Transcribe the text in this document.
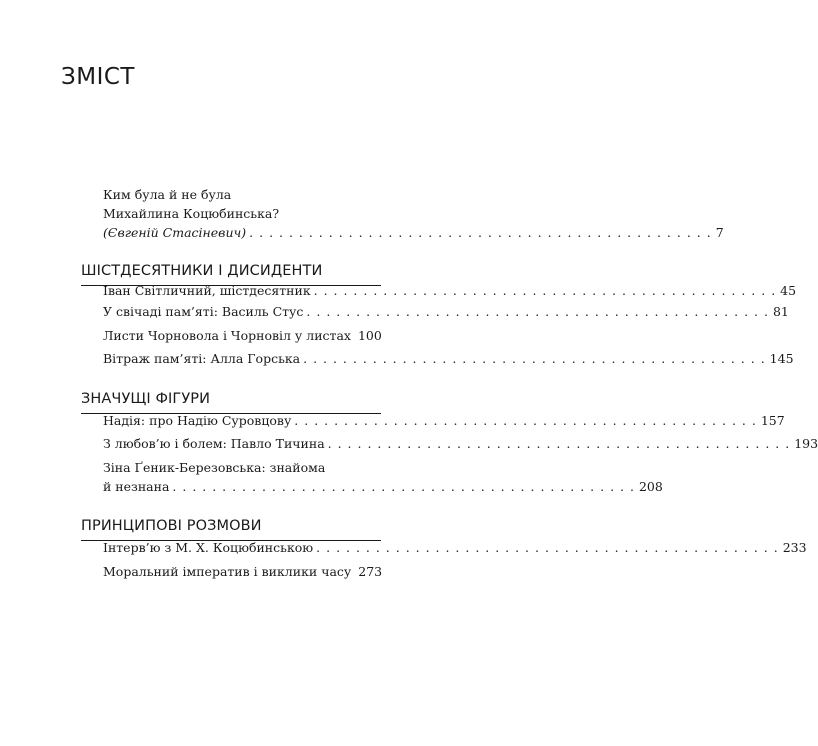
ЗМІСТ
Ким була й не була
Михайлина Коцюбинська?
(Євгеній Стасіневич) . . . . . . . . . . . . . . . . . . . . . . . . . . . . . . . . . . . . . . . . . . . . . . . 7
ШІСТДЕСЯТНИКИ І ДИСИДЕНТИ
Іван Світличний, шістдесятник . . . . . . . . . . . . . . . . . . . . . . . . . . . . . . . . . . . . . . . . . . . . . . . 45
У свічаді пам’яті: Василь Стус . . . . . . . . . . . . . . . . . . . . . . . . . . . . . . . . . . . . . . . . . . . . . . . 81
Листи Чорновола і Чорновіл у листах 100
Вітраж пам’яті: Алла Горська . . . . . . . . . . . . . . . . . . . . . . . . . . . . . . . . . . . . . . . . . . . . . . . 145
ЗНАЧУЩІ ФІГУРИ
Надія: про Надію Суровцову . . . . . . . . . . . . . . . . . . . . . . . . . . . . . . . . . . . . . . . . . . . . . . . 157
З любов’ю і болем: Павло Тичина . . . . . . . . . . . . . . . . . . . . . . . . . . . . . . . . . . . . . . . . . . . . . . . 193
Зіна Ґеник-Березовська: знайома
й незнана . . . . . . . . . . . . . . . . . . . . . . . . . . . . . . . . . . . . . . . . . . . . . . . 208
ПРИНЦИПОВІ РОЗМОВИ
Інтерв’ю з М. Х. Коцюбинською . . . . . . . . . . . . . . . . . . . . . . . . . . . . . . . . . . . . . . . . . . . . . . . 233
Моральний імператив і виклики часу 273
